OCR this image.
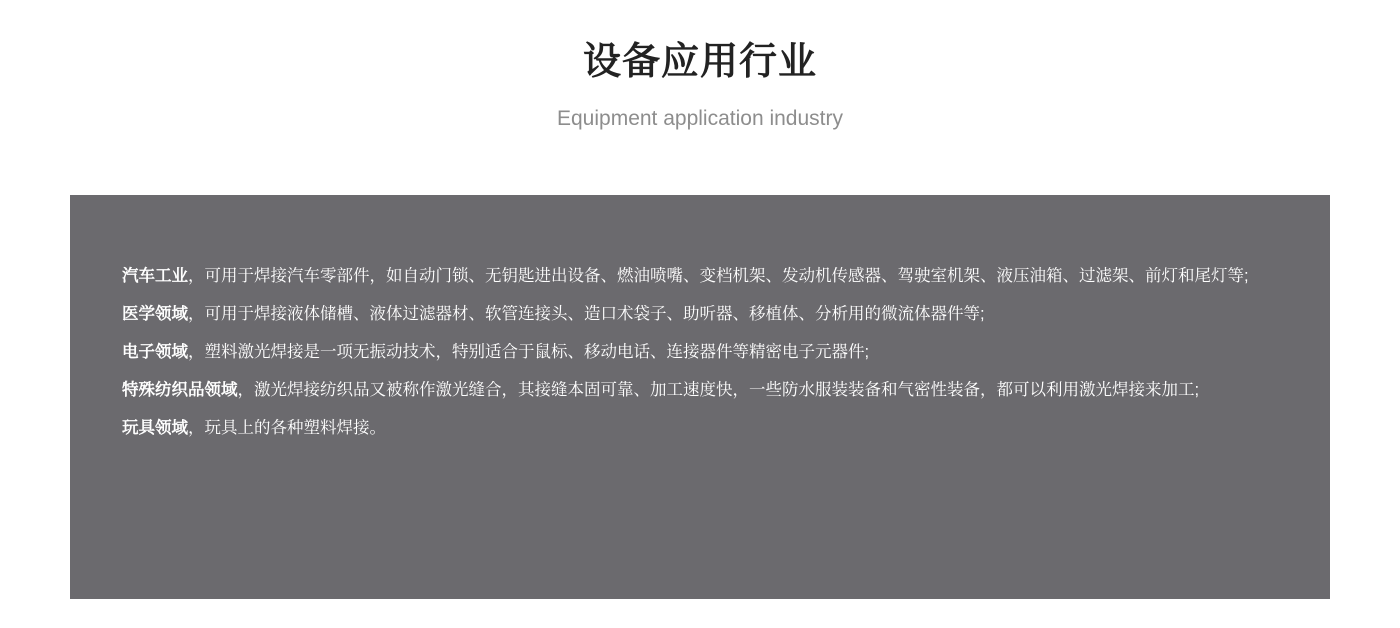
设备应用行业
Equipment application industry

汽车工业，可用于焊接汽车零部件，如自动门锁、无钥匙进出设备、燃油喷嘴、变档机架、发动机传感器、驾驶室机架、液压油箱、过滤架、前灯和尾灯等;

医学领域，可用于焊接液体储槽、液体过滤器材、软管连接头、造口术袋子、助听器、移植体、分析用的微流体器件等;

电子领域，塑料激光焊接是一项无振动技术，特别适合于鼠标、移动电话、连接器件等精密电子元器件;

特殊纺织品领域，激光焊接纺织品又被称作激光缝合，其接缝本固可靠、加工速度快，一些防水服装装备和气密性装备，都可以利用激光焊接来加工;

玩具领域，玩具上的各种塑料焊接。
